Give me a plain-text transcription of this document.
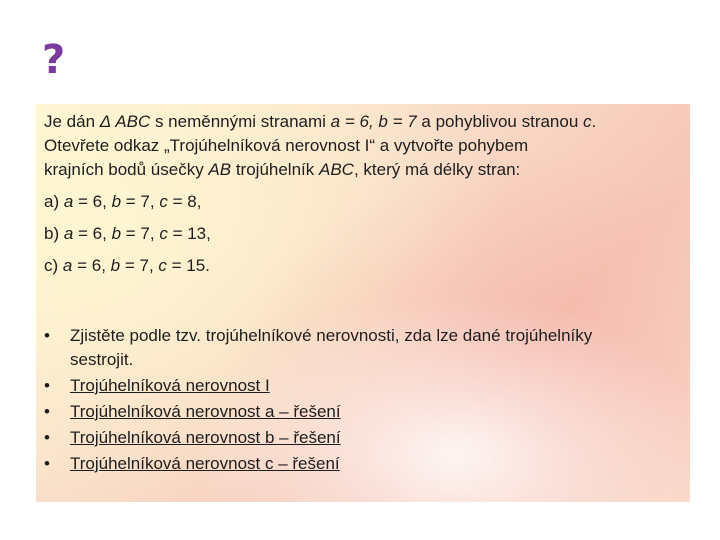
?

Je dán Δ ABC s neměnnými stranami a = 6, b = 7 a pohyblivou stranou c.

Otevřete odkaz „Trojúhelníková nerovnost I“ a vytvořte pohybem

krajních bodů úsečky AB trojúhelník ABC, který má délky stran:

a) a = 6, b = 7, c = 8,

b) a = 6, b = 7, c = 13,

c) a = 6, b = 7, c = 15.

• Zjistěte podle tzv. trojúhelníkové nerovnosti, zda lze dané trojúhelníky sestrojit.
• Trojúhelníková nerovnost I
• Trojúhelníková nerovnost a – řešení
• Trojúhelníková nerovnost b – řešení
• Trojúhelníková nerovnost c – řešení
